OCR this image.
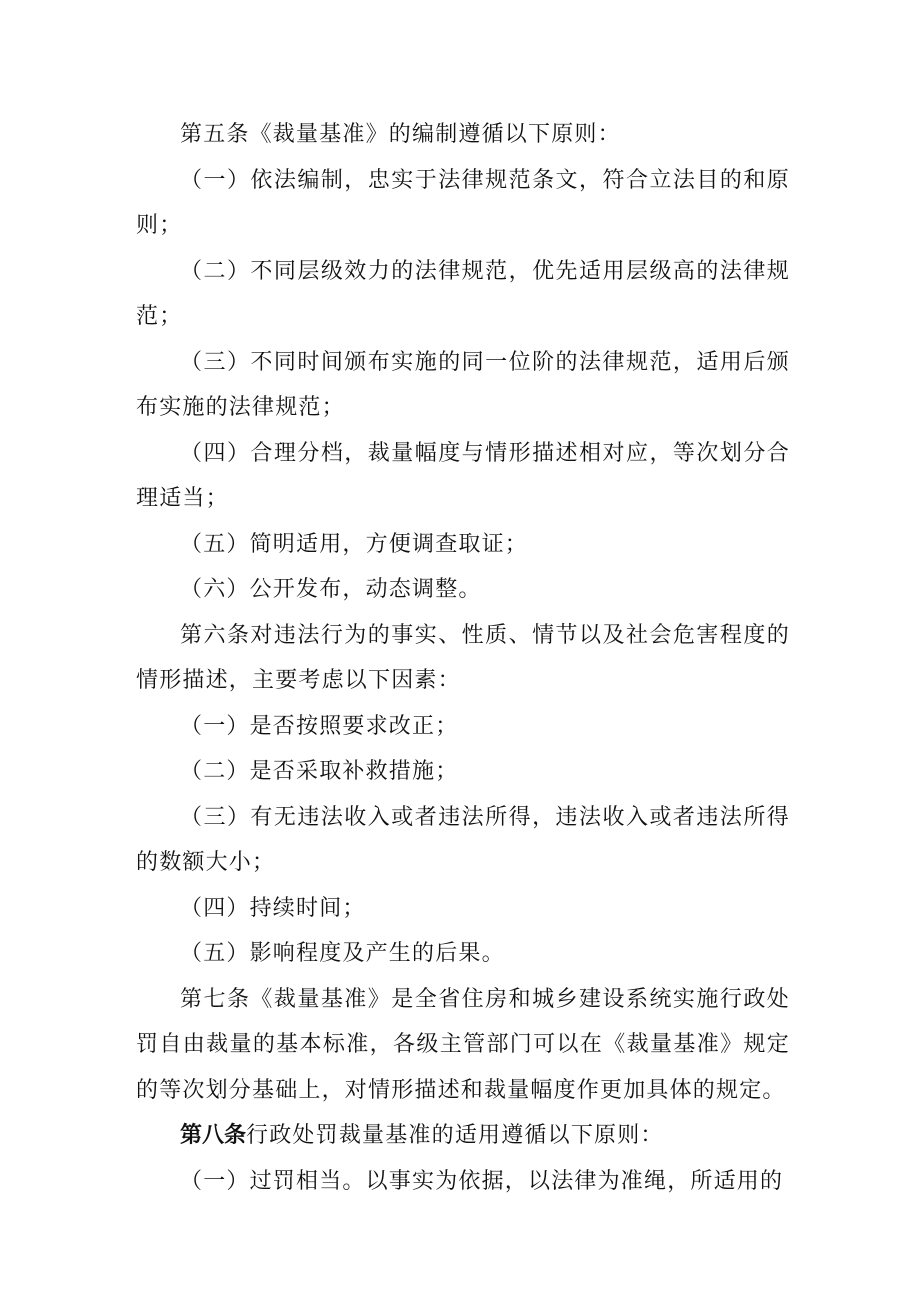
第五条《裁量基准》的编制遵循以下原则：

（一）依法编制，忠实于法律规范条文，符合立法目的和原则；

（二）不同层级效力的法律规范，优先适用层级高的法律规范；

（三）不同时间颁布实施的同一位阶的法律规范，适用后颁布实施的法律规范；

（四）合理分档，裁量幅度与情形描述相对应，等次划分合理适当；

（五）简明适用，方便调查取证；

（六）公开发布，动态调整。

第六条对违法行为的事实、性质、情节以及社会危害程度的情形描述，主要考虑以下因素：

（一）是否按照要求改正；

（二）是否采取补救措施；

（三）有无违法收入或者违法所得，违法收入或者违法所得的数额大小；

（四）持续时间；

（五）影响程度及产生的后果。

第七条《裁量基准》是全省住房和城乡建设系统实施行政处罚自由裁量的基本标准，各级主管部门可以在《裁量基准》规定的等次划分基础上，对情形描述和裁量幅度作更加具体的规定。

第八条行政处罚裁量基准的适用遵循以下原则：

（一）过罚相当。以事实为依据，以法律为准绳，所适用的
